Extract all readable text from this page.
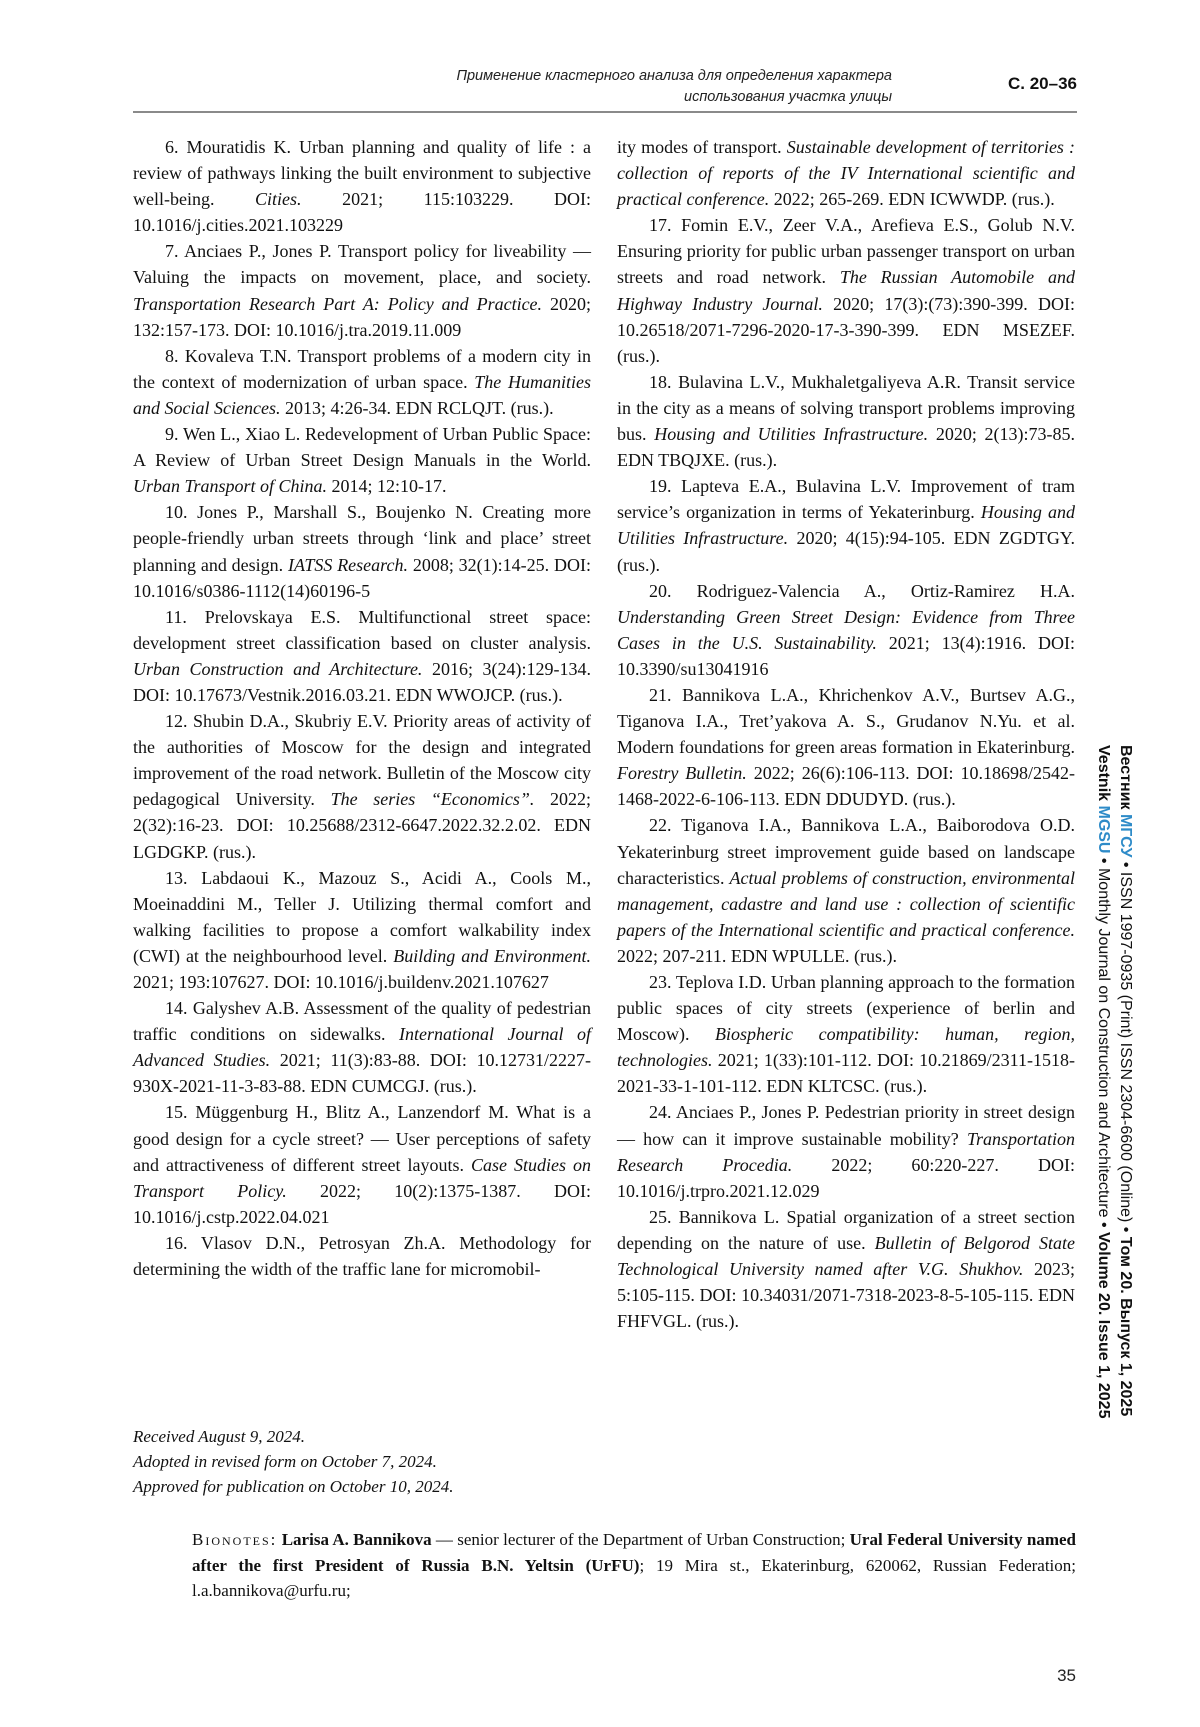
Применение кластерного анализа для определения характера
использования участка улицы
С. 20–36

6. Mouratidis K. Urban planning and quality of life : a review of pathways linking the built environment to subjective well-being. Cities. 2021; 115:103229. DOI: 10.1016/j.cities.2021.103229

7. Anciaes P., Jones P. Transport policy for liveability — Valuing the impacts on movement, place, and society. Transportation Research Part A: Policy and Practice. 2020; 132:157-173. DOI: 10.1016/j.tra.2019.11.009

8. Kovaleva T.N. Transport problems of a modern city in the context of modernization of urban space. The Humanities and Social Sciences. 2013; 4:26-34. EDN RCLQJT. (rus.).

9. Wen L., Xiao L. Redevelopment of Urban Public Space: A Review of Urban Street Design Manuals in the World. Urban Transport of China. 2014; 12:10-17.

10. Jones P., Marshall S., Boujenko N. Creating more people-friendly urban streets through ‘link and place’ street planning and design. IATSS Research. 2008; 32(1):14-25. DOI: 10.1016/s0386-1112(14)60196-5

11. Prelovskaya E.S. Multifunctional street space: development street classification based on cluster analysis. Urban Construction and Architecture. 2016; 3(24):129-134. DOI: 10.17673/Vestnik.2016.03.21. EDN WWOJCP. (rus.).

12. Shubin D.A., Skubriy E.V. Priority areas of activity of the authorities of Moscow for the design and integrated improvement of the road network. Bulletin of the Moscow city pedagogical University. The series “Economics”. 2022; 2(32):16-23. DOI: 10.25688/2312-6647.2022.32.2.02. EDN LGDGKP. (rus.).

13. Labdaoui K., Mazouz S., Acidi A., Cools M., Moeinaddini M., Teller J. Utilizing thermal comfort and walking facilities to propose a comfort walkability index (CWI) at the neighbourhood level. Building and Environment. 2021; 193:107627. DOI: 10.1016/j.buildenv.2021.107627

14. Galyshev A.B. Assessment of the quality of pedestrian traffic conditions on sidewalks. International Journal of Advanced Studies. 2021; 11(3):83-88. DOI: 10.12731/2227-930X-2021-11-3-83-88. EDN CUMCGJ. (rus.).

15. Müggenburg H., Blitz A., Lanzendorf M. What is a good design for a cycle street? — User perceptions of safety and attractiveness of different street layouts. Case Studies on Transport Policy. 2022; 10(2):1375-1387. DOI: 10.1016/j.cstp.2022.04.021

16. Vlasov D.N., Petrosyan Zh.A. Methodology for determining the width of the traffic lane for micromobil-

ity modes of transport. Sustainable development of territories : collection of reports of the IV International scientific and practical conference. 2022; 265-269. EDN ICWWDP. (rus.).

17. Fomin E.V., Zeer V.A., Arefieva E.S., Golub N.V. Ensuring priority for public urban passenger transport on urban streets and road network. The Russian Automobile and Highway Industry Journal. 2020; 17(3):(73):390-399. DOI: 10.26518/2071-7296-2020-17-3-390-399. EDN MSEZEF. (rus.).

18. Bulavina L.V., Mukhaletgaliyeva A.R. Transit service in the city as a means of solving transport problems improving bus. Housing and Utilities Infrastructure. 2020; 2(13):73-85. EDN TBQJXE. (rus.).

19. Lapteva E.A., Bulavina L.V. Improvement of tram service’s organization in terms of Yekaterinburg. Housing and Utilities Infrastructure. 2020; 4(15):94-105. EDN ZGDTGY. (rus.).

20. Rodriguez-Valencia A., Ortiz-Ramirez H.A. Understanding Green Street Design: Evidence from Three Cases in the U.S. Sustainability. 2021; 13(4):1916. DOI: 10.3390/su13041916

21. Bannikova L.A., Khrichenkov A.V., Burtsev A.G., Tiganova I.A., Tret’yakova A. S., Grudanov N.Yu. et al. Modern foundations for green areas formation in Ekaterinburg. Forestry Bulletin. 2022; 26(6):106-113. DOI: 10.18698/2542-1468-2022-6-106-113. EDN DDUDYD. (rus.).

22. Tiganova I.A., Bannikova L.A., Baiborodova O.D. Yekaterinburg street improvement guide based on landscape characteristics. Actual problems of construction, environmental management, cadastre and land use : collection of scientific papers of the International scientific and practical conference. 2022; 207-211. EDN WPULLE. (rus.).

23. Teplova I.D. Urban planning approach to the formation public spaces of city streets (experience of berlin and Moscow). Biospheric compatibility: human, region, technologies. 2021; 1(33):101-112. DOI: 10.21869/2311-1518-2021-33-1-101-112. EDN KLTCSC. (rus.).

24. Anciaes P., Jones P. Pedestrian priority in street design — how can it improve sustainable mobility? Transportation Research Procedia. 2022; 60:220-227. DOI: 10.1016/j.trpro.2021.12.029

25. Bannikova L. Spatial organization of a street section depending on the nature of use. Bulletin of Belgorod State Technological University named after V.G. Shukhov. 2023; 5:105-115. DOI: 10.34031/2071-7318-2023-8-5-105-115. EDN FHFVGL. (rus.).

Received August 9, 2024.
Adopted in revised form on October 7, 2024.
Approved for publication on October 10, 2024.
Bionotes: Larisa A. Bannikova — senior lecturer of the Department of Urban Construction; Ural Federal University named after the first President of Russia B.N. Yeltsin (UrFU); 19 Mira st., Ekaterinburg, 620062, Russian Federation; l.a.bannikova@urfu.ru;
Вестник МГСУ • ISSN 1997-0935 (Print) ISSN 2304-6600 (Online) • Том 20. Выпуск 1, 2025
Vestnik MGSU • Monthly Journal on Construction and Architecture • Volume 20. Issue 1, 2025
35
